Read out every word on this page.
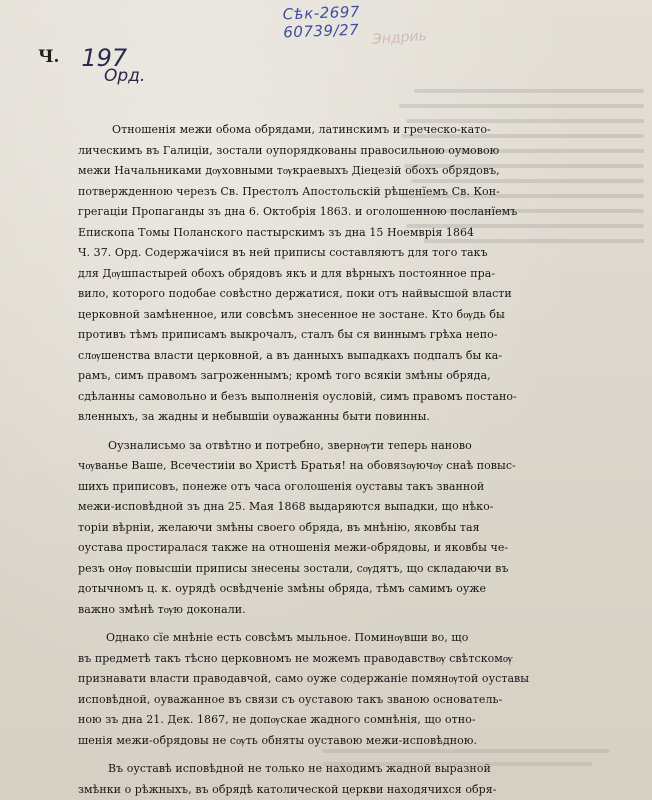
Сѣк-2697
60739/27 Эндриь
Ч. 197
Орд.
Отношенія межи обома обрядами, латинскимъ и греческо-като-
лическимъ въ Галиціи, зостали оупорядкованы правосильною оумовою
межи Начальниками дѹховными тѹкраевыхъ Діецезій обохъ обрядовъ,
потвержденною черезъ Св. Престолъ Апостольскій рѣшенїемъ Св. Кон-
грегаціи Пропаганды зъ дна 6. Октобрія 1863. и оголошенною посланїемъ
Епископа Томы Поланского пастырскимъ зъ дна 15 Ноемврія 1864
Ч. 37. Орд. Содержачiися въ ней приписы составляютъ для того такъ
для Дѹшпастырей обохъ обрядовъ якъ и для вѣрныхъ постоянное пра-
вило, которого подобае совѣстно держатися, поки отъ найвысшой власти
церковной замѣненное, или совсѣмъ знесенное не зостане. Кто бѹдь бы
противъ тѣмъ приписамъ выкрочалъ, сталъ бы ся виннымъ грѣха непо-
слѹшенства власти церковной, а въ данныхъ выпадкахъ подпалъ бы ка-
рамъ, симъ правомъ загроженнымъ; кромѣ того всякіи змѣны обряда,
сдѣланны самовольно и безъ выполненія оусловій, симъ правомъ постано-
вленныхъ, за жадны и небывшіи оуважанны быти повинны.
Оузналисьмо за отвѣтно и потребно, звернѹти теперь наново
чѹванье Ваше, Всечестиіи во Христѣ Братья! на обовязѹючѹ снаѣ повыс-
шихъ приписовъ, понеже отъ часа оголошенія оуставы такъ званной
межи-исповѣдной зъ дна 25. Мая 1868 выдаряются выпадки, що нѣко-
торіи вѣрніи, желаючи змѣны своего обряда, въ мнѣнію, яковбы тая
оустава простиралася также на отношенія межи-обрядовы, и яковбы че-
резъ онѹ повысшіи приписы знесены зостали, сѹдятъ, що складаючи въ
дотычномъ ц. к. оурядѣ освѣдченіе змѣны обряда, тѣмъ самимъ оуже
важно змѣнѣ тѹю доконали.
Однако сїе мнѣніе есть совсѣмъ мыльное. Поминѹвши во, що
въ предметѣ такъ тѣсно церковномъ не можемъ праводавствѹ свѣтскомѹ
признавати власти праводавчой, само оуже содержаніе помянѹтой оуставы
исповѣдной, оуважанное въ связи съ оуставою такъ званою основатель-
ною зъ дна 21. Дек. 1867, не допѹскае жадного сомнѣнія, що отно-
шенія межи-обрядовы не сѹть обняты оуставою межи-исповѣдною.
Въ оуставѣ исповѣдной не только не находимъ жадной выразной
змѣнки о рѣжныхъ, въ обрядѣ католической церкви находячихся обря-
